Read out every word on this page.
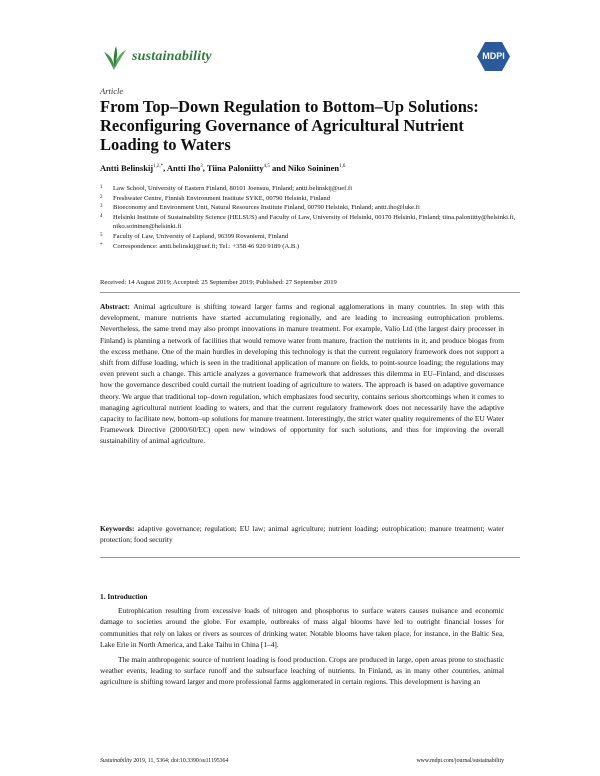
sustainability	MDPI
Article
From Top–Down Regulation to Bottom–Up Solutions: Reconfiguring Governance of Agricultural Nutrient Loading to Waters
Antti Belinskij$^{1,2,*}$, Antti Iho$^3$, Tiina Paloniitty$^{4,5}$ and Niko Soininen$^{1,6}$
1 Law School, University of Eastern Finland, 80101 Joensuu, Finland; antti.belinskij@uef.fi
2 Freshwater Centre, Finnish Environment Institute SYKE, 00790 Helsinki, Finland
3 Bioeconomy and Environment Unit, Natural Resources Institute Finland, 00790 Helsinki, Finland; antti.iho@luke.fi
4 Helsinki Institute of Sustainability Science (HELSUS) and Faculty of Law, University of Helsinki, 00170 Helsinki, Finland; tiina.paloniitty@helsinki.fi, niko.soininen@helsinki.fi
5 Faculty of Law, University of Lapland, 96399 Rovaniemi, Finland
* Correspondence: antti.belinskij@uef.fi; Tel.: +358 46 920 9189 (A.B.)
Received: 14 August 2019; Accepted: 25 September 2019; Published: 27 September 2019
Abstract: Animal agriculture is shifting toward larger farms and regional agglomerations in many countries. In step with this development, manure nutrients have started accumulating regionally, and are leading to increasing eutrophication problems. Nevertheless, the same trend may also prompt innovations in manure treatment. For example, Valio Ltd (the largest dairy processer in Finland) is planning a network of facilities that would remove water from manure, fraction the nutrients in it, and produce biogas from the excess methane. One of the main hurdles in developing this technology is that the current regulatory framework does not support a shift from diffuse loading, which is seen in the traditional application of manure on fields, to point-source loading; the regulations may even prevent such a change. This article analyzes a governance framework that addresses this dilemma in EU–Finland, and discusses how the governance described could curtail the nutrient loading of agriculture to waters. The approach is based on adaptive governance theory. We argue that traditional top–down regulation, which emphasizes food security, contains serious shortcomings when it comes to managing agricultural nutrient loading to waters, and that the current regulatory framework does not necessarily have the adaptive capacity to facilitate new, bottom–up solutions for manure treatment. Interestingly, the strict water quality requirements of the EU Water Framework Directive (2000/60/EC) open new windows of opportunity for such solutions, and thus for improving the overall sustainability of animal agriculture.
Keywords: adaptive governance; regulation; EU law; animal agriculture; nutrient loading; eutrophication; manure treatment; water protection; food security
1. Introduction

Eutrophication resulting from excessive loads of nitrogen and phosphorus to surface waters causes nuisance and economic damage to societies around the globe. For example, outbreaks of mass algal blooms have led to outright financial losses for communities that rely on lakes or rivers as sources of drinking water. Notable blooms have taken place, for instance, in the Baltic Sea, Lake Erie in North America, and Lake Taihu in China [1–4].

The main anthropogenic source of nutrient loading is food production. Crops are produced in large, open areas prone to stochastic weather events, leading to surface runoff and the subsurface leaching of nutrients. In Finland, as in many other countries, animal agriculture is shifting toward larger and more professional farms agglomerated in certain regions. This development is having an

Sustainability 2019, 11, 5364; doi:10.3390/su11195364	www.mdpi.com/journal/sustainability
